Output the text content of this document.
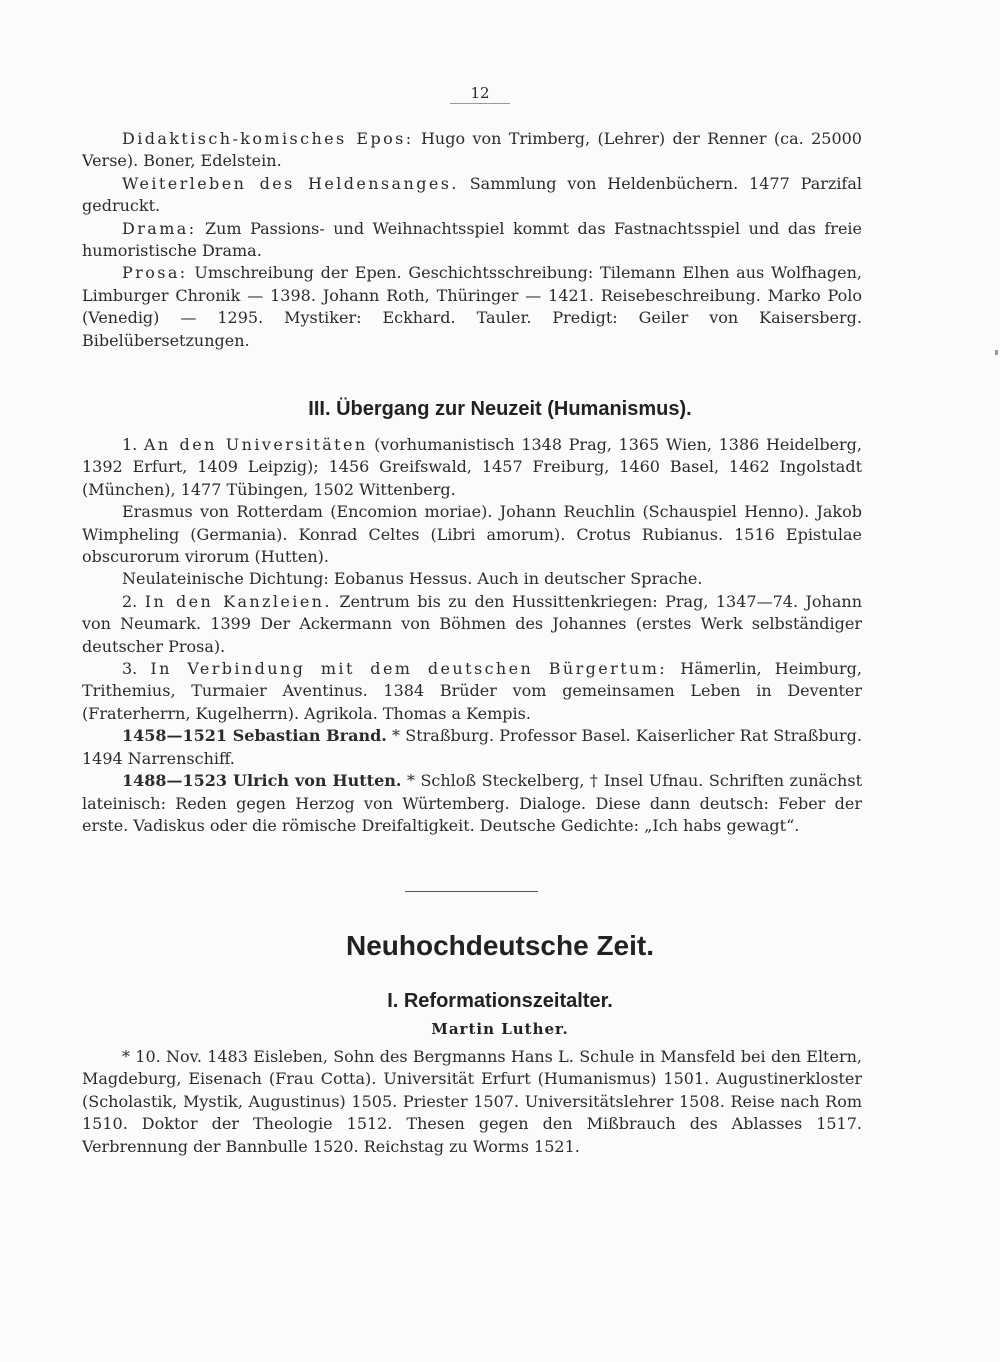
12

Didaktisch-komisches Epos: Hugo von Trimberg, (Lehrer) der Renner (ca. 25000 Verse). Boner, Edelstein.

Weiterleben des Heldensanges. Sammlung von Heldenbüchern. 1477 Parzifal gedruckt.

Drama: Zum Passions- und Weihnachtsspiel kommt das Fastnachtsspiel und das freie humoristische Drama.

Prosa: Umschreibung der Epen. Geschichtsschreibung: Tilemann Elhen aus Wolfhagen, Limburger Chronik — 1398. Johann Roth, Thüringer — 1421. Reisebeschreibung. Marko Polo (Venedig) — 1295. Mystiker: Eckhard. Tauler. Predigt: Geiler von Kaisersberg. Bibelübersetzungen.

III. Übergang zur Neuzeit (Humanismus).

1. An den Universitäten (vorhumanistisch 1348 Prag, 1365 Wien, 1386 Heidelberg, 1392 Erfurt, 1409 Leipzig); 1456 Greifswald, 1457 Freiburg, 1460 Basel, 1462 Ingolstadt (München), 1477 Tübingen, 1502 Wittenberg.

Erasmus von Rotterdam (Encomion moriae). Johann Reuchlin (Schauspiel Henno). Jakob Wimpheling (Germania). Konrad Celtes (Libri amorum). Crotus Rubianus. 1516 Epistulae obscurorum virorum (Hutten).

Neulateinische Dichtung: Eobanus Hessus. Auch in deutscher Sprache.

2. In den Kanzleien. Zentrum bis zu den Hussittenkriegen: Prag, 1347—74. Johann von Neumark. 1399 Der Ackermann von Böhmen des Johannes (erstes Werk selbständiger deutscher Prosa).

3. In Verbindung mit dem deutschen Bürgertum: Hämerlin, Heimburg, Trithemius, Turmaier Aventinus. 1384 Brüder vom gemeinsamen Leben in Deventer (Fraterherrn, Kugelherrn). Agrikola. Thomas a Kempis.

1458—1521 Sebastian Brand. * Straßburg. Professor Basel. Kaiserlicher Rat Straßburg. 1494 Narrenschiff.

1488—1523 Ulrich von Hutten. * Schloß Steckelberg, † Insel Ufnau. Schriften zunächst lateinisch: Reden gegen Herzog von Würtemberg. Dialoge. Diese dann deutsch: Feber der erste. Vadiskus oder die römische Dreifaltigkeit. Deutsche Gedichte: „Ich habs gewagt“.

Neuhochdeutsche Zeit.
I. Reformationszeitalter.
Martin Luther.

* 10. Nov. 1483 Eisleben, Sohn des Bergmanns Hans L. Schule in Mansfeld bei den Eltern, Magdeburg, Eisenach (Frau Cotta). Universität Erfurt (Humanismus) 1501. Augustinerkloster (Scholastik, Mystik, Augustinus) 1505. Priester 1507. Universitätslehrer 1508. Reise nach Rom 1510. Doktor der Theologie 1512. Thesen gegen den Mißbrauch des Ablasses 1517. Verbrennung der Bannbulle 1520. Reichstag zu Worms 1521.
